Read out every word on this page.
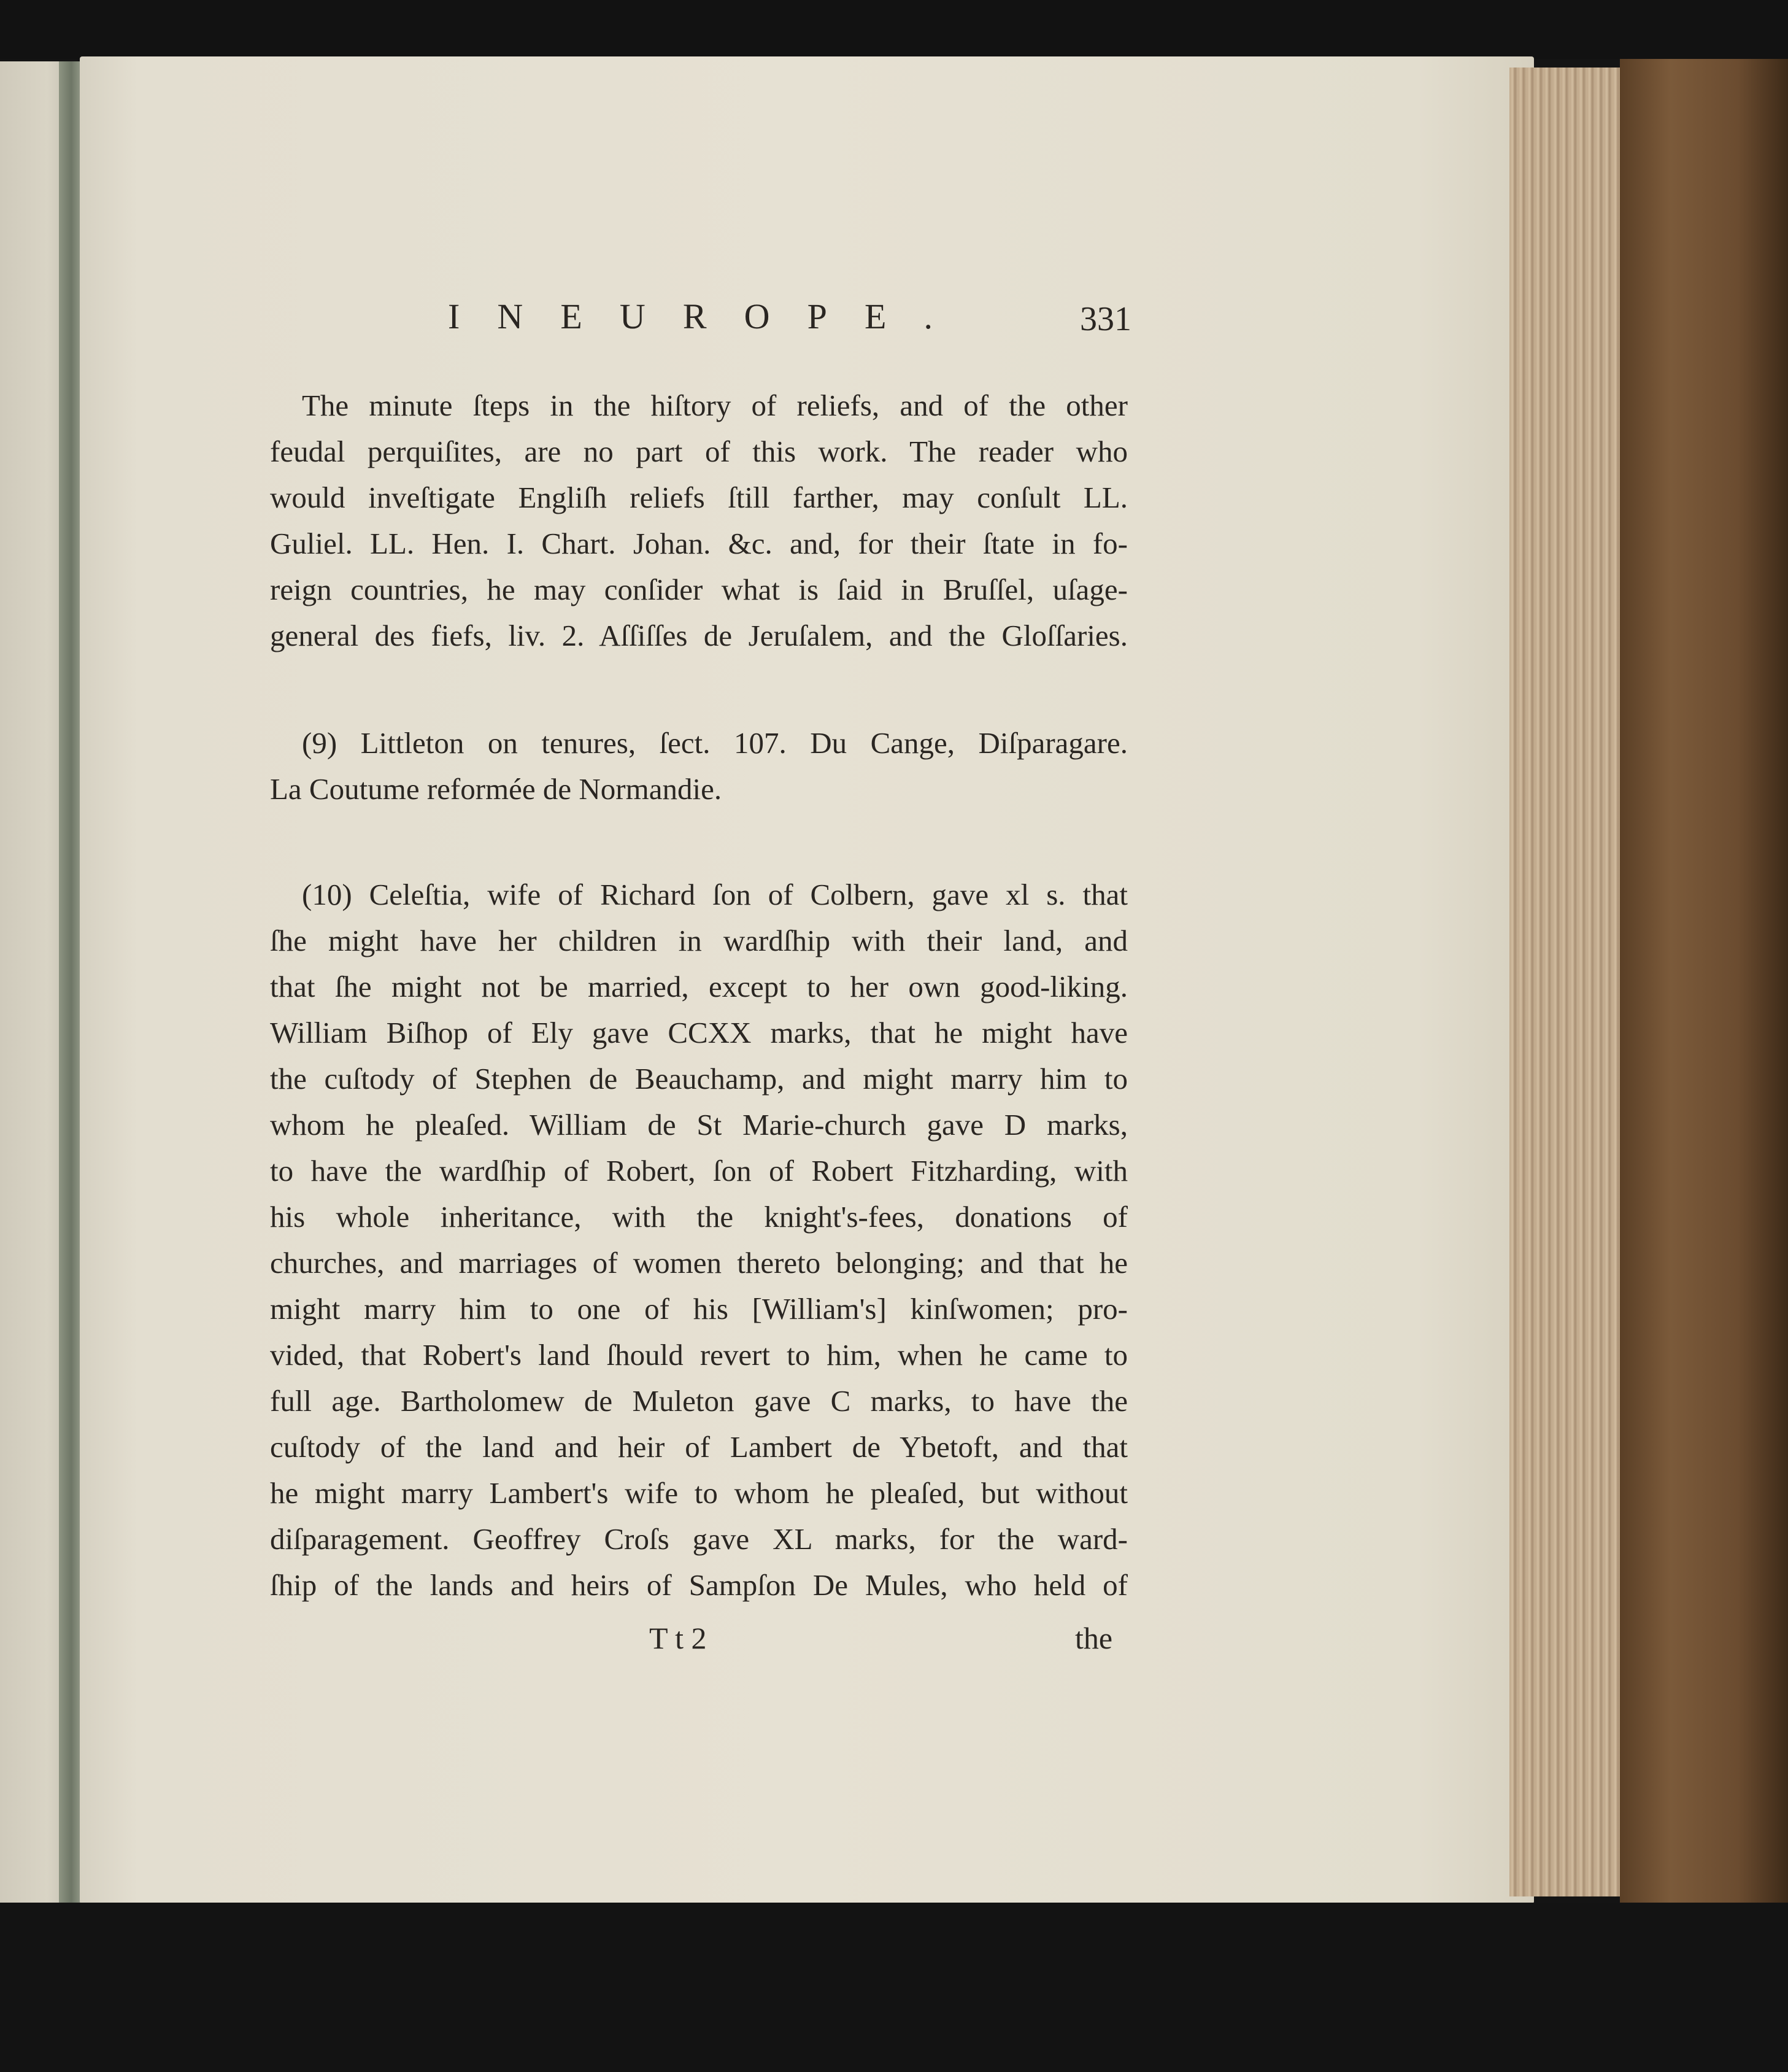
I N E U R O P E .	331
The minute ſteps in the hiſtory of reliefs, and of the other
feudal perquiſites, are no part of this work. The reader who
would inveſtigate Engliſh reliefs ſtill farther, may conſult LL.
Guliel. LL. Hen. I. Chart. Johan. &c. and, for their ſtate in fo-
reign countries, he may conſider what is ſaid in Bruſſel, uſage-
general des fiefs, liv. 2. Aſſiſſes de Jeruſalem, and the Gloſſaries.
(9) Littleton on tenures, ſect. 107. Du Cange, Diſparagare.
La Coutume reformée de Normandie.
(10) Celeſtia, wife of Richard ſon of Colbern, gave xl s. that
ſhe might have her children in wardſhip with their land, and
that ſhe might not be married, except to her own good-liking.
William Biſhop of Ely gave CCXX marks, that he might have
the cuſtody of Stephen de Beauchamp, and might marry him to
whom he pleaſed. William de St Marie-church gave D marks,
to have the wardſhip of Robert, ſon of Robert Fitzharding, with
his whole inheritance, with the knight's-fees, donations of
churches, and marriages of women thereto belonging; and that he
might marry him to one of his [William's] kinſwomen; pro-
vided, that Robert's land ſhould revert to him, when he came to
full age. Bartholomew de Muleton gave C marks, to have the
cuſtody of the land and heir of Lambert de Ybetoft, and that
he might marry Lambert's wife to whom he pleaſed, but without
diſparagement. Geoffrey Croſs gave XL marks, for the ward-
ſhip of the lands and heirs of Sampſon De Mules, who held of
T t 2	the
